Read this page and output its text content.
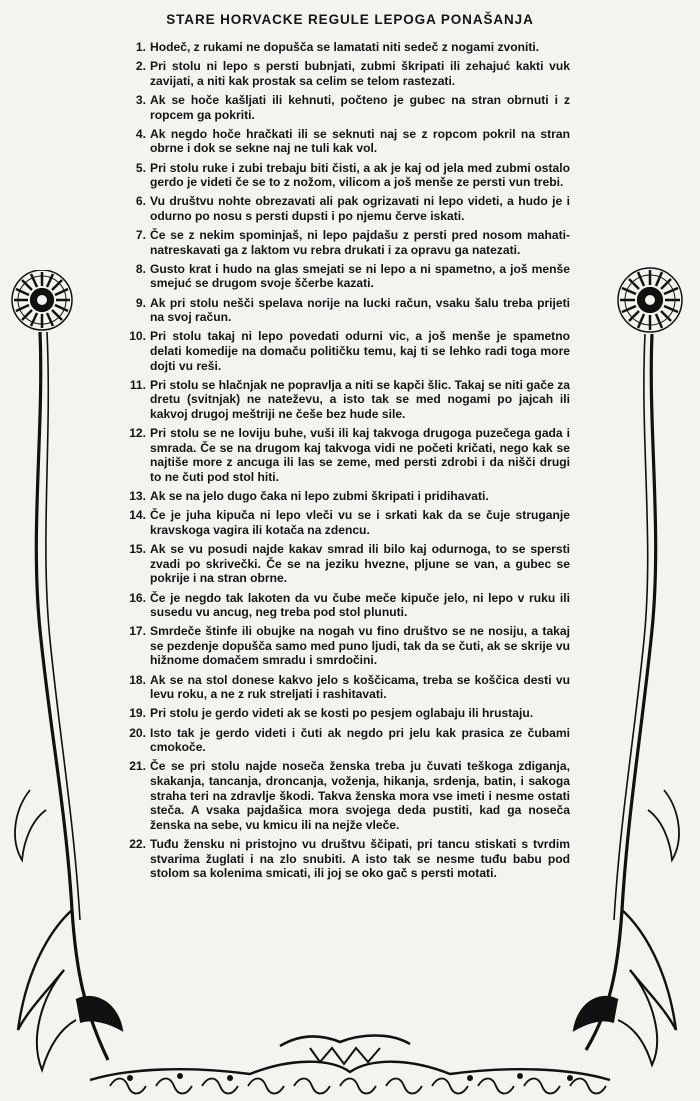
STARE HORVACKE REGULE LEPOGA PONAŠANJA
1. Hodeč, z rukami ne dopušča se lamatati niti sedeč z nogami zvoniti.
2. Pri stolu ni lepo s persti bubnjati, zubmi škripati ili zehajuć kakti vuk zavijati, a niti kak prostak sa celim se telom rastezati.
3. Ak se hoče kašljati ili kehnuti, počteno je gubec na stran obrnuti i z ropcem ga pokriti.
4. Ak negdo hoče hračkati ili se seknuti naj se z ropcom pokril na stran obrne i dok se sekne naj ne tuli kak vol.
5. Pri stolu ruke i zubi trebaju biti čisti, a ak je kaj od jela med zubmi ostalo gerdo je videti če se to z nožom, vilicom a još menše ze persti vun trebi.
6. Vu društvu nohte obrezavati ali pak ogrizavati ni lepo videti, a hudo je i odurno po nosu s persti dupsti i po njemu červe iskati.
7. Če se z nekim spominjaš, ni lepo pajdašu z persti pred nosom mahati-natreskavati ga z laktom vu rebra drukati i za opravu ga natezati.
8. Gusto krat i hudo na glas smejati se ni lepo a ni spametno, a još menše smejuć se drugom svoje ščerbe kazati.
9. Ak pri stolu nešči spelava noriјe na lucki račun, vsaku šalu treba prijeti na svoj račun.
10. Pri stolu takaj ni lepo povedati odurni vic, a još menše je spametno delati komedije na domaču političku temu, kaj ti se lehko radi toga more dojti vu reši.
11. Pri stolu se hlačnjak ne popravlja a niti se kapči šlic. Takaj se niti gače za dretu (svitnjak) ne nateževu, a isto tak se med nogami po jajcah ili kakvoj drugoj meštriji ne češe bez hude sile.
12. Pri stolu se ne loviju buhe, vuši ili kaj takvoga drugoga puzečega gada i smrada. Če se na drugom kaj takvoga vidi ne početi kričati, nego kak se najtiše more z ancuga ili las se zeme, med persti zdrobi i da nišči drugi to ne čuti pod stol hiti.
13. Ak se na jelo dugo čaka ni lepo zubmi škripati i pridihavati.
14. Če je juha kipuča ni lepo vleči vu se i srkati kak da se čuje struganje kravskoga vagira ili kotača na zdencu.
15. Ak se vu posudi najde kakav smrad ili bilo kaj odurnoga, to se spersti zvadi po skrivečki. Če se na jeziku hvezne, pljune se van, a gubec se pokrije i na stran obrne.
16. Če je negdo tak lakoten da vu čube meče kipuče jelo, ni lepo v ruku ili susedu vu ancug, neg treba pod stol plunuti.
17. Smrdeče štinfe ili obujke na nogah vu fino društvo se ne nosiju, a takaj se pezdenje dopušča samo med puno ljudi, tak da se čuti, ak se skrije vu hižnome domačem smradu i smrdočini.
18. Ak se na stol donese kakvo jelo s koščicama, treba se koščica desti vu levu roku, a ne z ruk streljati i rashitavati.
19. Pri stolu je gerdo videti ak se kosti po pesjem oglabaju ili hrustaju.
20. Isto tak je gerdo videti i čuti ak negdo pri jelu kak prasica ze čubami cmokoče.
21. Če se pri stolu najde noseča ženska treba ju čuvati teškoga zdiganja, skakanja, tancanja, droncanja, voženja, hikanja, srdenja, batin, i sakoga straha teri na zdravlje škodi. Takva ženska mora vse imeti i nesme ostati steča. A vsaka pajdašica mora svojega deda pustiti, kad ga noseča ženska na sebe, vu kmicu ili na nejže vleče.
22. Tuđu žensku ni pristojno vu društvu ščipati, pri tancu stiskati s tvrdim stvarima žuglati i na zlo snubiti. A isto tak se nesme tuđu babu pod stolom sa kolenima smicati, ili joj se oko gač s persti motati.
